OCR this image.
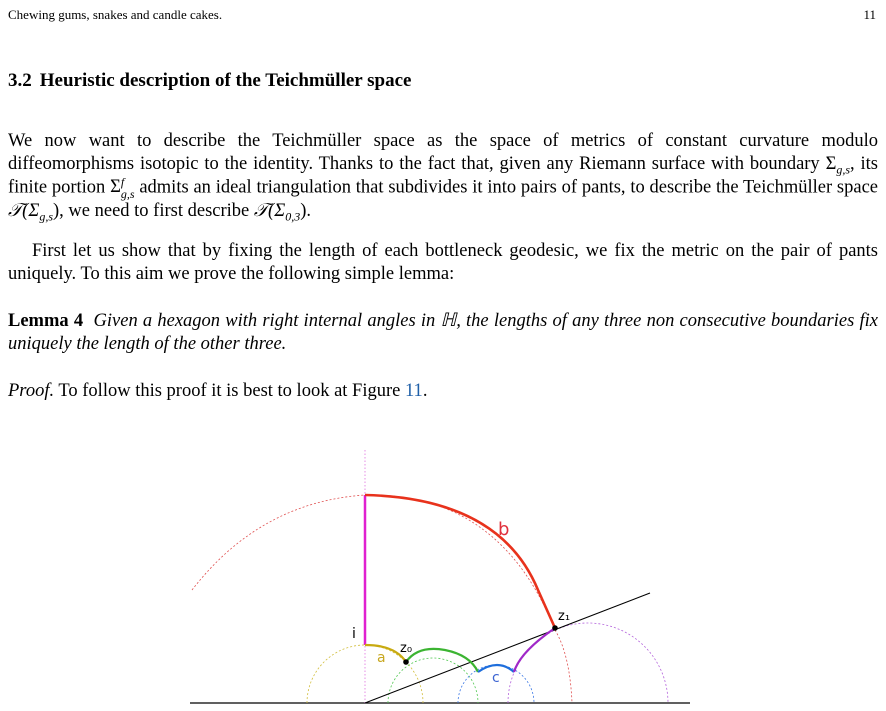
Chewing gums, snakes and candle cakes.	11
3.2 Heuristic description of the Teichmüller space

We now want to describe the Teichmüller space as the space of metrics of constant curvature modulo diffeomorphisms isotopic to the identity. Thanks to the fact that, given any Riemann surface with boundary $\Sigma_{g,s}$, its finite portion Σ f
g,s admits an ideal triangulation that subdivides it into pairs of pants, to describe the Teichmüller space $𝒯(\Sigma_{g,s})$, we need to first describe $𝒯(\Sigma_{0,3})$.

First let us show that by fixing the length of each bottleneck geodesic, we fix the metric on the pair of pants uniquely. To this aim we prove the following simple lemma:

Lemma 4 Given a hexagon with right internal angles in ℍ, the lengths of any three non consecutive boundaries fix uniquely the length of the other three.

Proof. To follow this proof it is best to look at Figure 11.

b
z₁
i
z₀
a
c
